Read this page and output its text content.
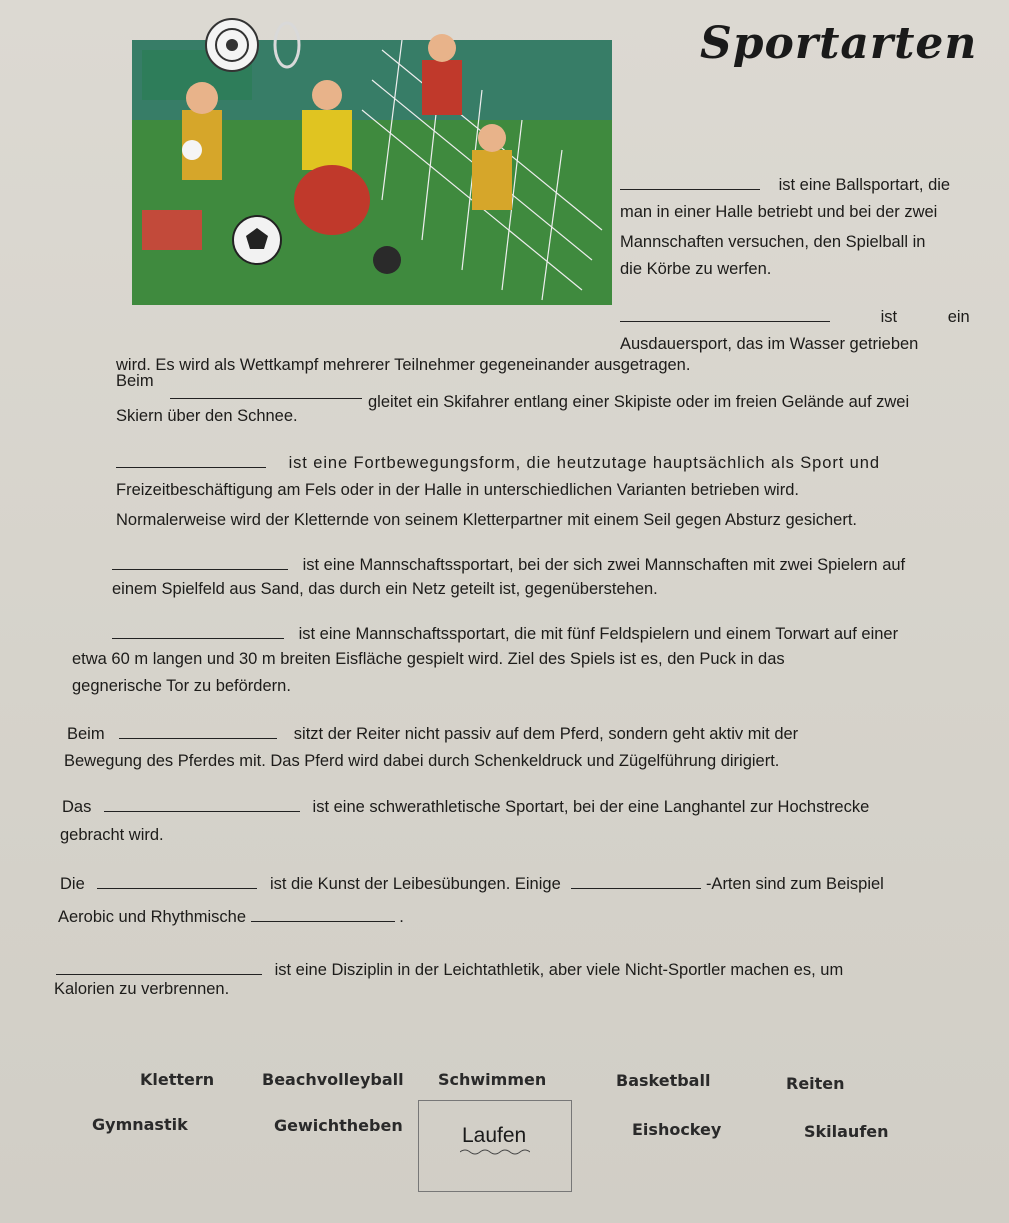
Sportarten
ist eine Ballsportart, die
man in einer Halle betriebt und bei der zwei
Mannschaften versuchen, den Spielball in
die Körbe zu werfen.
ist	ein
Ausdauersport, das im Wasser getrieben
wird. Es wird als Wettkampf mehrerer Teilnehmer gegeneinander ausgetragen.
Beim
gleitet ein Skifahrer entlang einer Skipiste oder im freien Gelände auf zwei
Skiern über den Schnee.
ist eine Fortbewegungsform, die heutzutage hauptsächlich als Sport und
Freizeitbeschäftigung am Fels oder in der Halle in unterschiedlichen Varianten betrieben wird.
Normalerweise wird der Kletternde von seinem Kletterpartner mit einem Seil gegen Absturz gesichert.
ist eine Mannschaftssportart, bei der sich zwei Mannschaften mit zwei Spielern auf
einem Spielfeld aus Sand, das durch ein Netz geteilt ist, gegenüberstehen.
ist eine Mannschaftssportart, die mit fünf Feldspielern und einem Torwart auf einer
etwa 60 m langen und 30 m breiten Eisfläche gespielt wird. Ziel des Spiels ist es, den Puck in das
gegnerische Tor zu befördern.
Beim	sitzt der Reiter nicht passiv auf dem Pferd, sondern geht aktiv mit der
Bewegung des Pferdes mit. Das Pferd wird dabei durch Schenkeldruck und Zügelführung dirigiert.
Das	ist eine schwerathletische Sportart, bei der eine Langhantel zur Hochstrecke
gebracht wird.
Die	ist die Kunst der Leibesübungen. Einige	-Arten sind zum Beispiel
Aerobic und Rhythmische	.
ist eine Disziplin in der Leichtathletik, aber viele Nicht-Sportler machen es, um
Kalorien zu verbrennen.
Klettern	Beachvolleyball Schwimmen	Basketball	Reiten
Gymnastik	Gewichtheben	Eishockey	Skilaufen
Laufen
